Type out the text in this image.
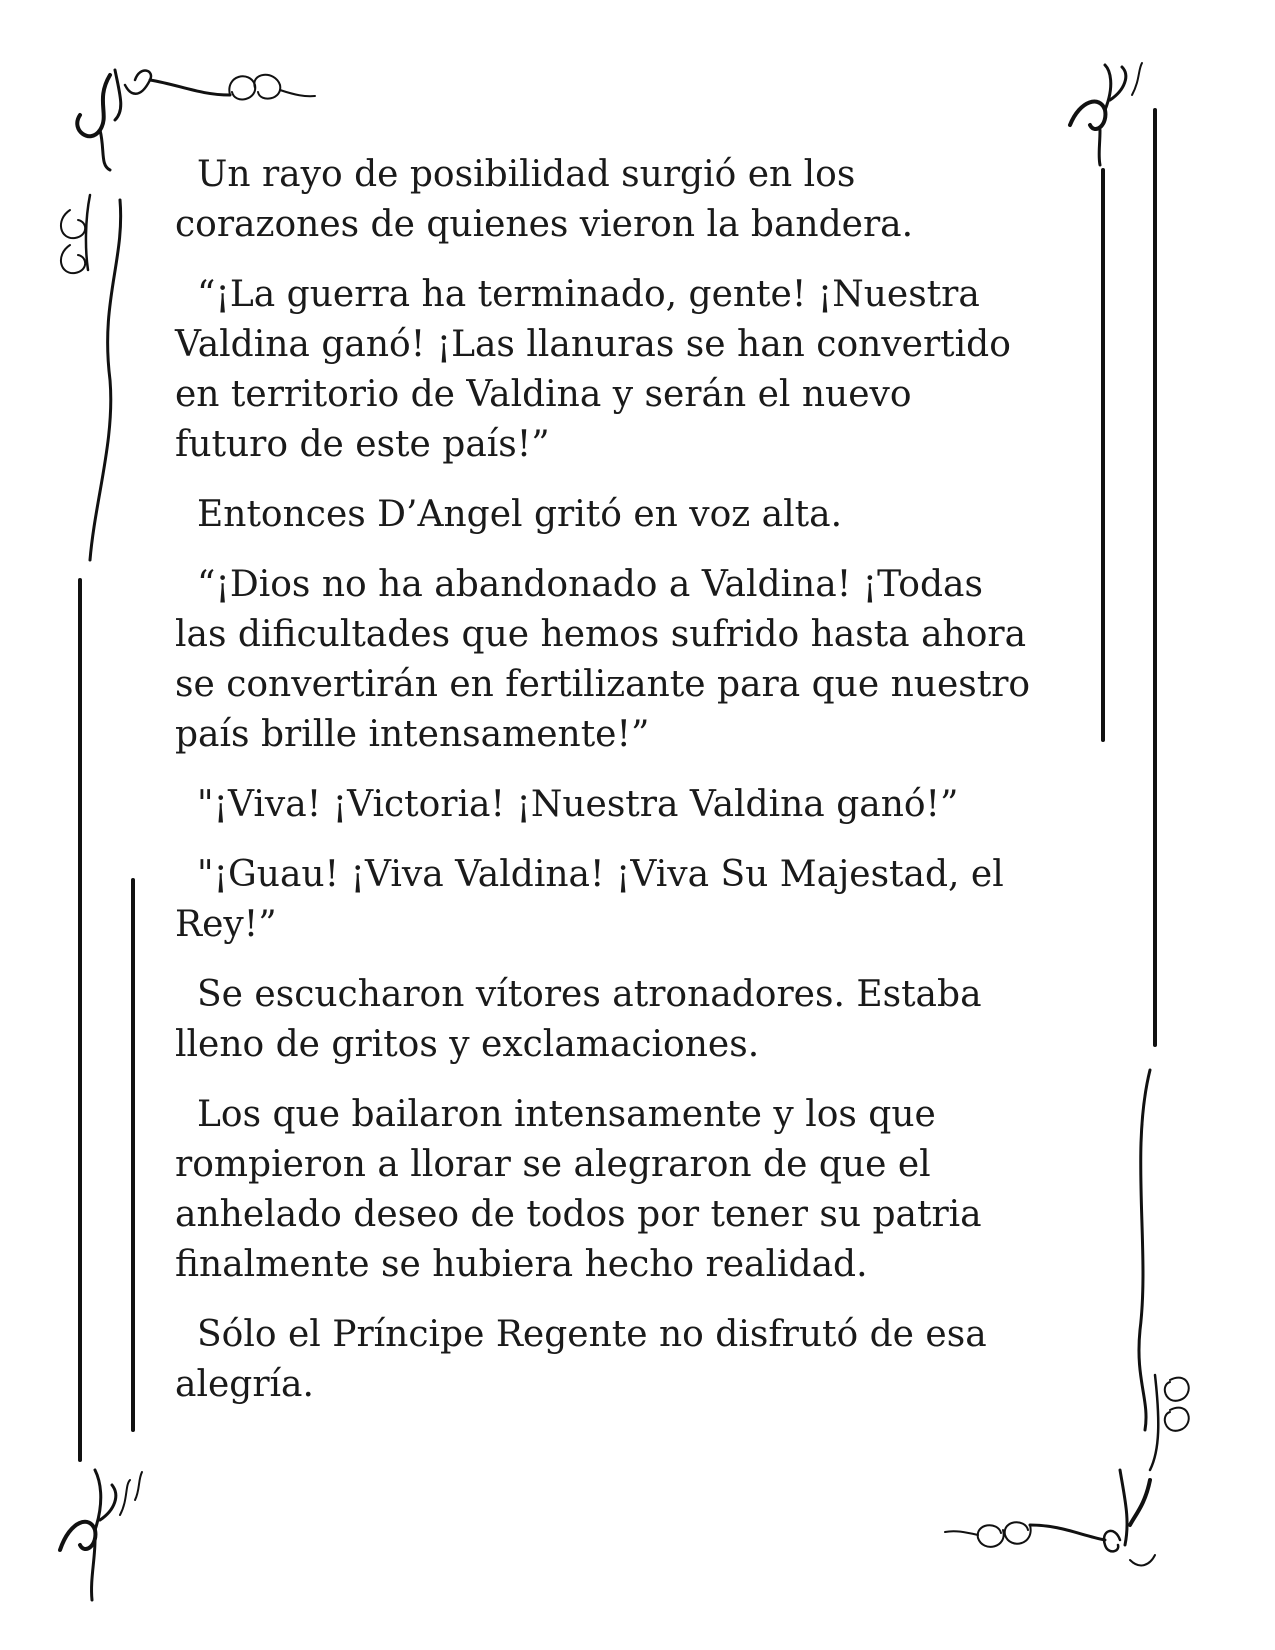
Un rayo de posibilidad surgió en los
corazones de quienes vieron la bandera.

“¡La guerra ha terminado, gente! ¡Nuestra
Valdina ganó! ¡Las llanuras se han convertido
en territorio de Valdina y serán el nuevo
futuro de este país!”

Entonces D’Angel gritó en voz alta.

“¡Dios no ha abandonado a Valdina! ¡Todas
las dificultades que hemos sufrido hasta ahora
se convertirán en fertilizante para que nuestro
país brille intensamente!”

"¡Viva! ¡Victoria! ¡Nuestra Valdina ganó!”

"¡Guau! ¡Viva Valdina! ¡Viva Su Majestad, el
Rey!”

Se escucharon vítores atronadores. Estaba
lleno de gritos y exclamaciones.

Los que bailaron intensamente y los que
rompieron a llorar se alegraron de que el
anhelado deseo de todos por tener su patria
finalmente se hubiera hecho realidad.

Sólo el Príncipe Regente no disfrutó de esa
alegría.
